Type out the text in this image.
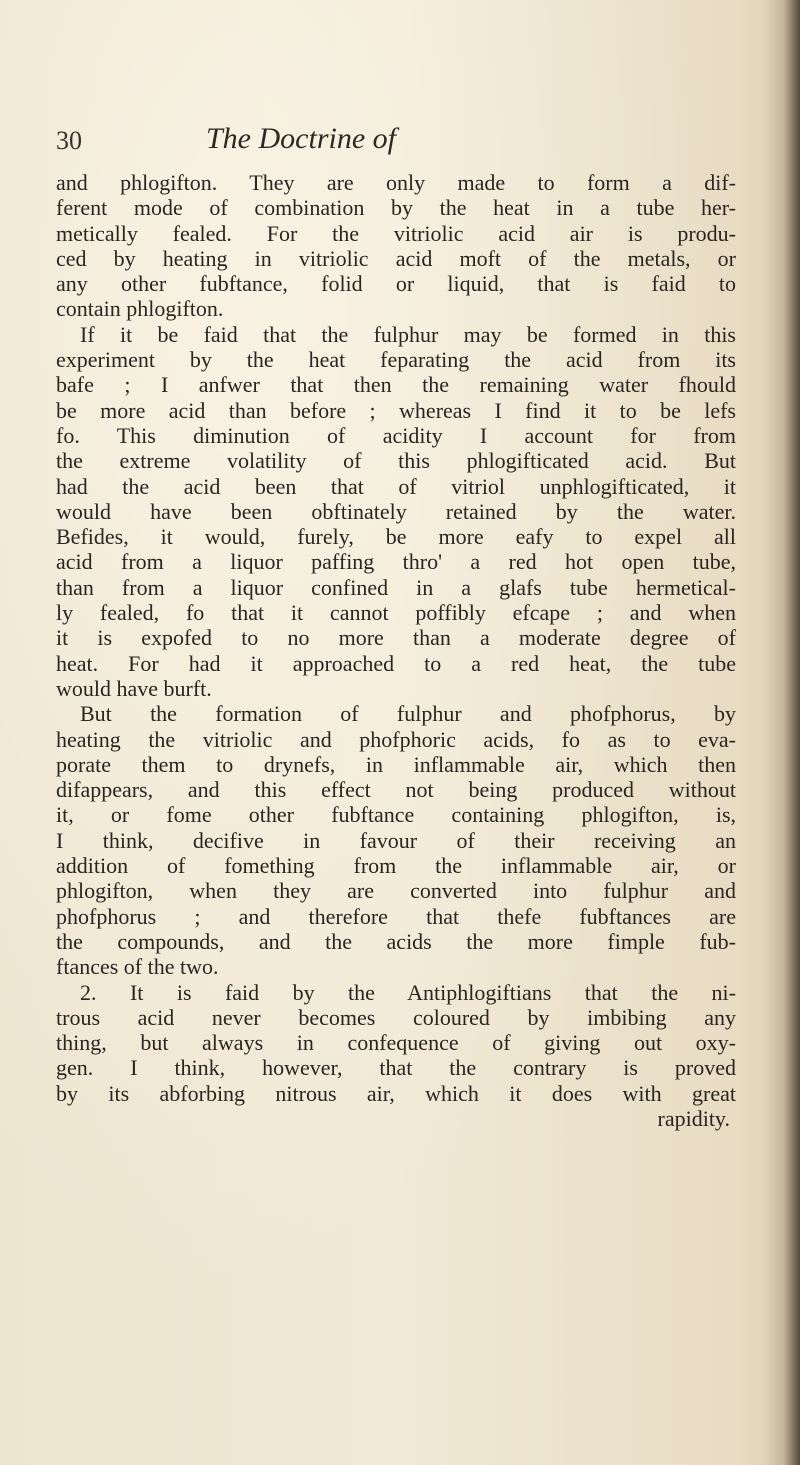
30	The Doctrine of
and phlogifton. They are only made to form a dif-
ferent mode of combination by the heat in a tube her-
metically fealed. For the vitriolic acid air is produ-
ced by heating in vitriolic acid moft of the metals, or
any other fubftance, folid or liquid, that is faid to
contain phlogifton.
If it be faid that the fulphur may be formed in this
experiment by the heat feparating the acid from its
bafe ; I anfwer that then the remaining water fhould
be more acid than before ; whereas I find it to be lefs
fo. This diminution of acidity I account for from
the extreme volatility of this phlogifticated acid. But
had the acid been that of vitriol unphlogifticated, it
would have been obftinately retained by the water.
Befides, it would, furely, be more eafy to expel all
acid from a liquor paffing thro' a red hot open tube,
than from a liquor confined in a glafs tube hermetical-
ly fealed, fo that it cannot poffibly efcape ; and when
it is expofed to no more than a moderate degree of
heat. For had it approached to a red heat, the tube
would have burft.
But the formation of fulphur and phofphorus, by
heating the vitriolic and phofphoric acids, fo as to eva-
porate them to drynefs, in inflammable air, which then
difappears, and this effect not being produced without
it, or fome other fubftance containing phlogifton, is,
I think, decifive in favour of their receiving an
addition of fomething from the inflammable air, or
phlogifton, when they are converted into fulphur and
phofphorus ; and therefore that thefe fubftances are
the compounds, and the acids the more fimple fub-
ftances of the two.
2. It is faid by the Antiphlogiftians that the ni-
trous acid never becomes coloured by imbibing any
thing, but always in confequence of giving out oxy-
gen. I think, however, that the contrary is proved
by its abforbing nitrous air, which it does with great
rapidity.
